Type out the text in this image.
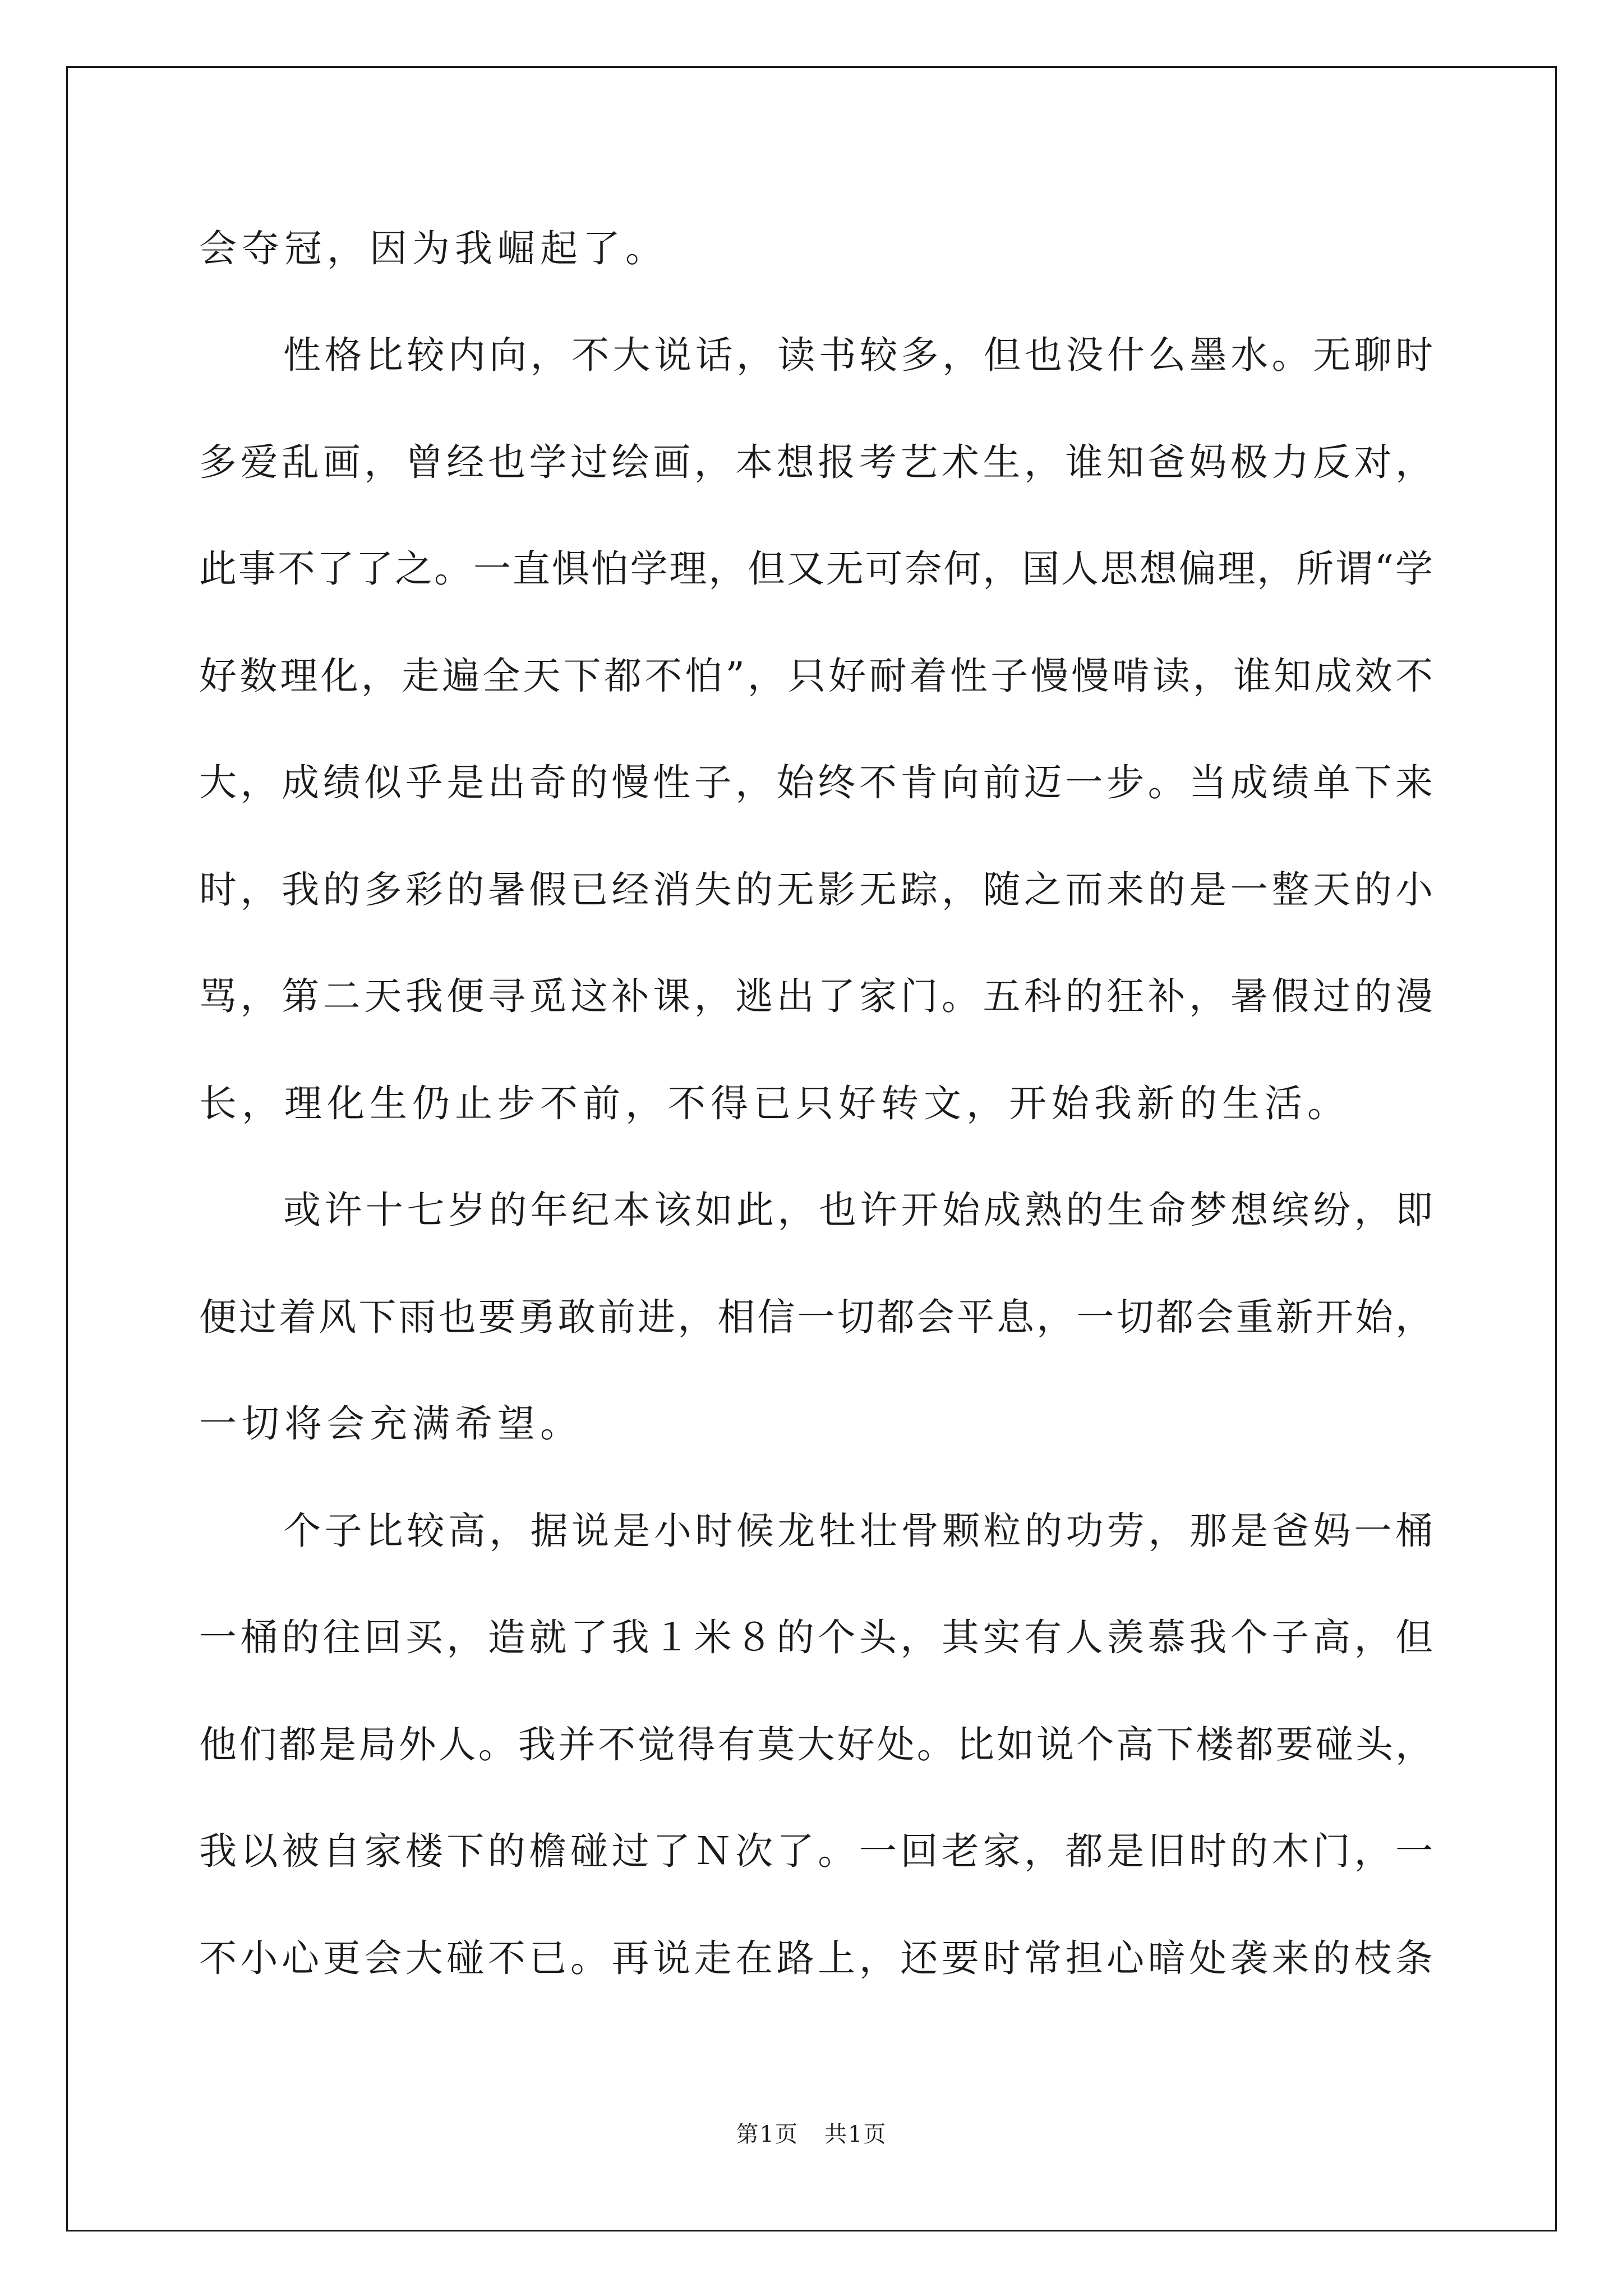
会夺冠，因为我崛起了。

性格比较内向，不大说话，读书较多，但也没什么墨水。无聊时

多爱乱画，曾经也学过绘画，本想报考艺术生，谁知爸妈极力反对，

此事不了了之。一直惧怕学理，但又无可奈何，国人思想偏理，所谓“学

好数理化，走遍全天下都不怕”，只好耐着性子慢慢啃读，谁知成效不

大，成绩似乎是出奇的慢性子，始终不肯向前迈一步。当成绩单下来

时，我的多彩的暑假已经消失的无影无踪，随之而来的是一整天的小

骂，第二天我便寻觅这补课，逃出了家门。五科的狂补，暑假过的漫

长，理化生仍止步不前，不得已只好转文，开始我新的生活。

或许十七岁的年纪本该如此，也许开始成熟的生命梦想缤纷，即

便过着风下雨也要勇敢前进，相信一切都会平息，一切都会重新开始，

一切将会充满希望。

个子比较高，据说是小时候龙牡壮骨颗粒的功劳，那是爸妈一桶

一桶的往回买，造就了我１米８的个头，其实有人羡慕我个子高，但

他们都是局外人。我并不觉得有莫大好处。比如说个高下楼都要碰头，

我以被自家楼下的檐碰过了Ｎ次了。一回老家，都是旧时的木门，一

不小心更会大碰不已。再说走在路上，还要时常担心暗处袭来的枝条

第1页 共1页
